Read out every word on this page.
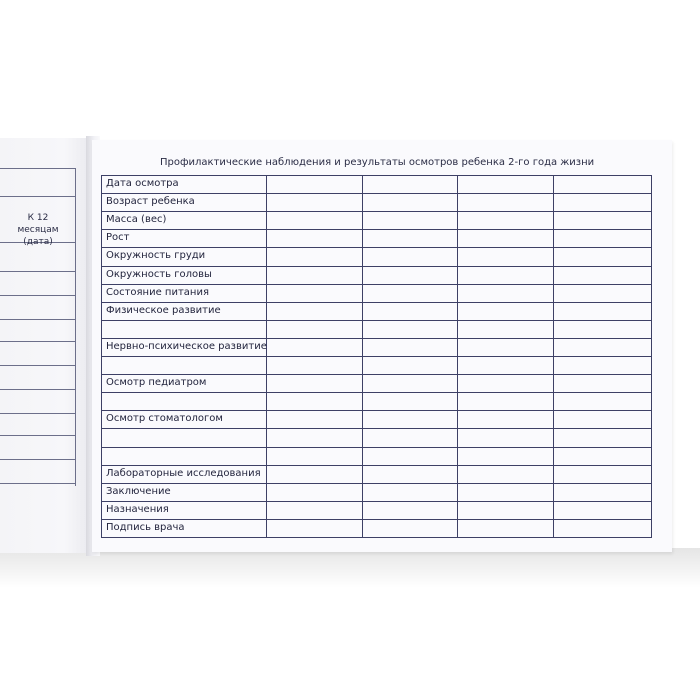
К 12 месяцам (дата)
Профилактические наблюдения и результаты осмотров ребенка 2-го года жизни
Дата осмотра
Возраст ребенка
Масса (вес)
Рост
Окружность груди
Окружность головы
Состояние питания
Физическое развитие
Нервно-психическое развитие
Осмотр педиатром
Осмотр стоматологом
Лабораторные исследования
Заключение
Назначения
Подпись врача
